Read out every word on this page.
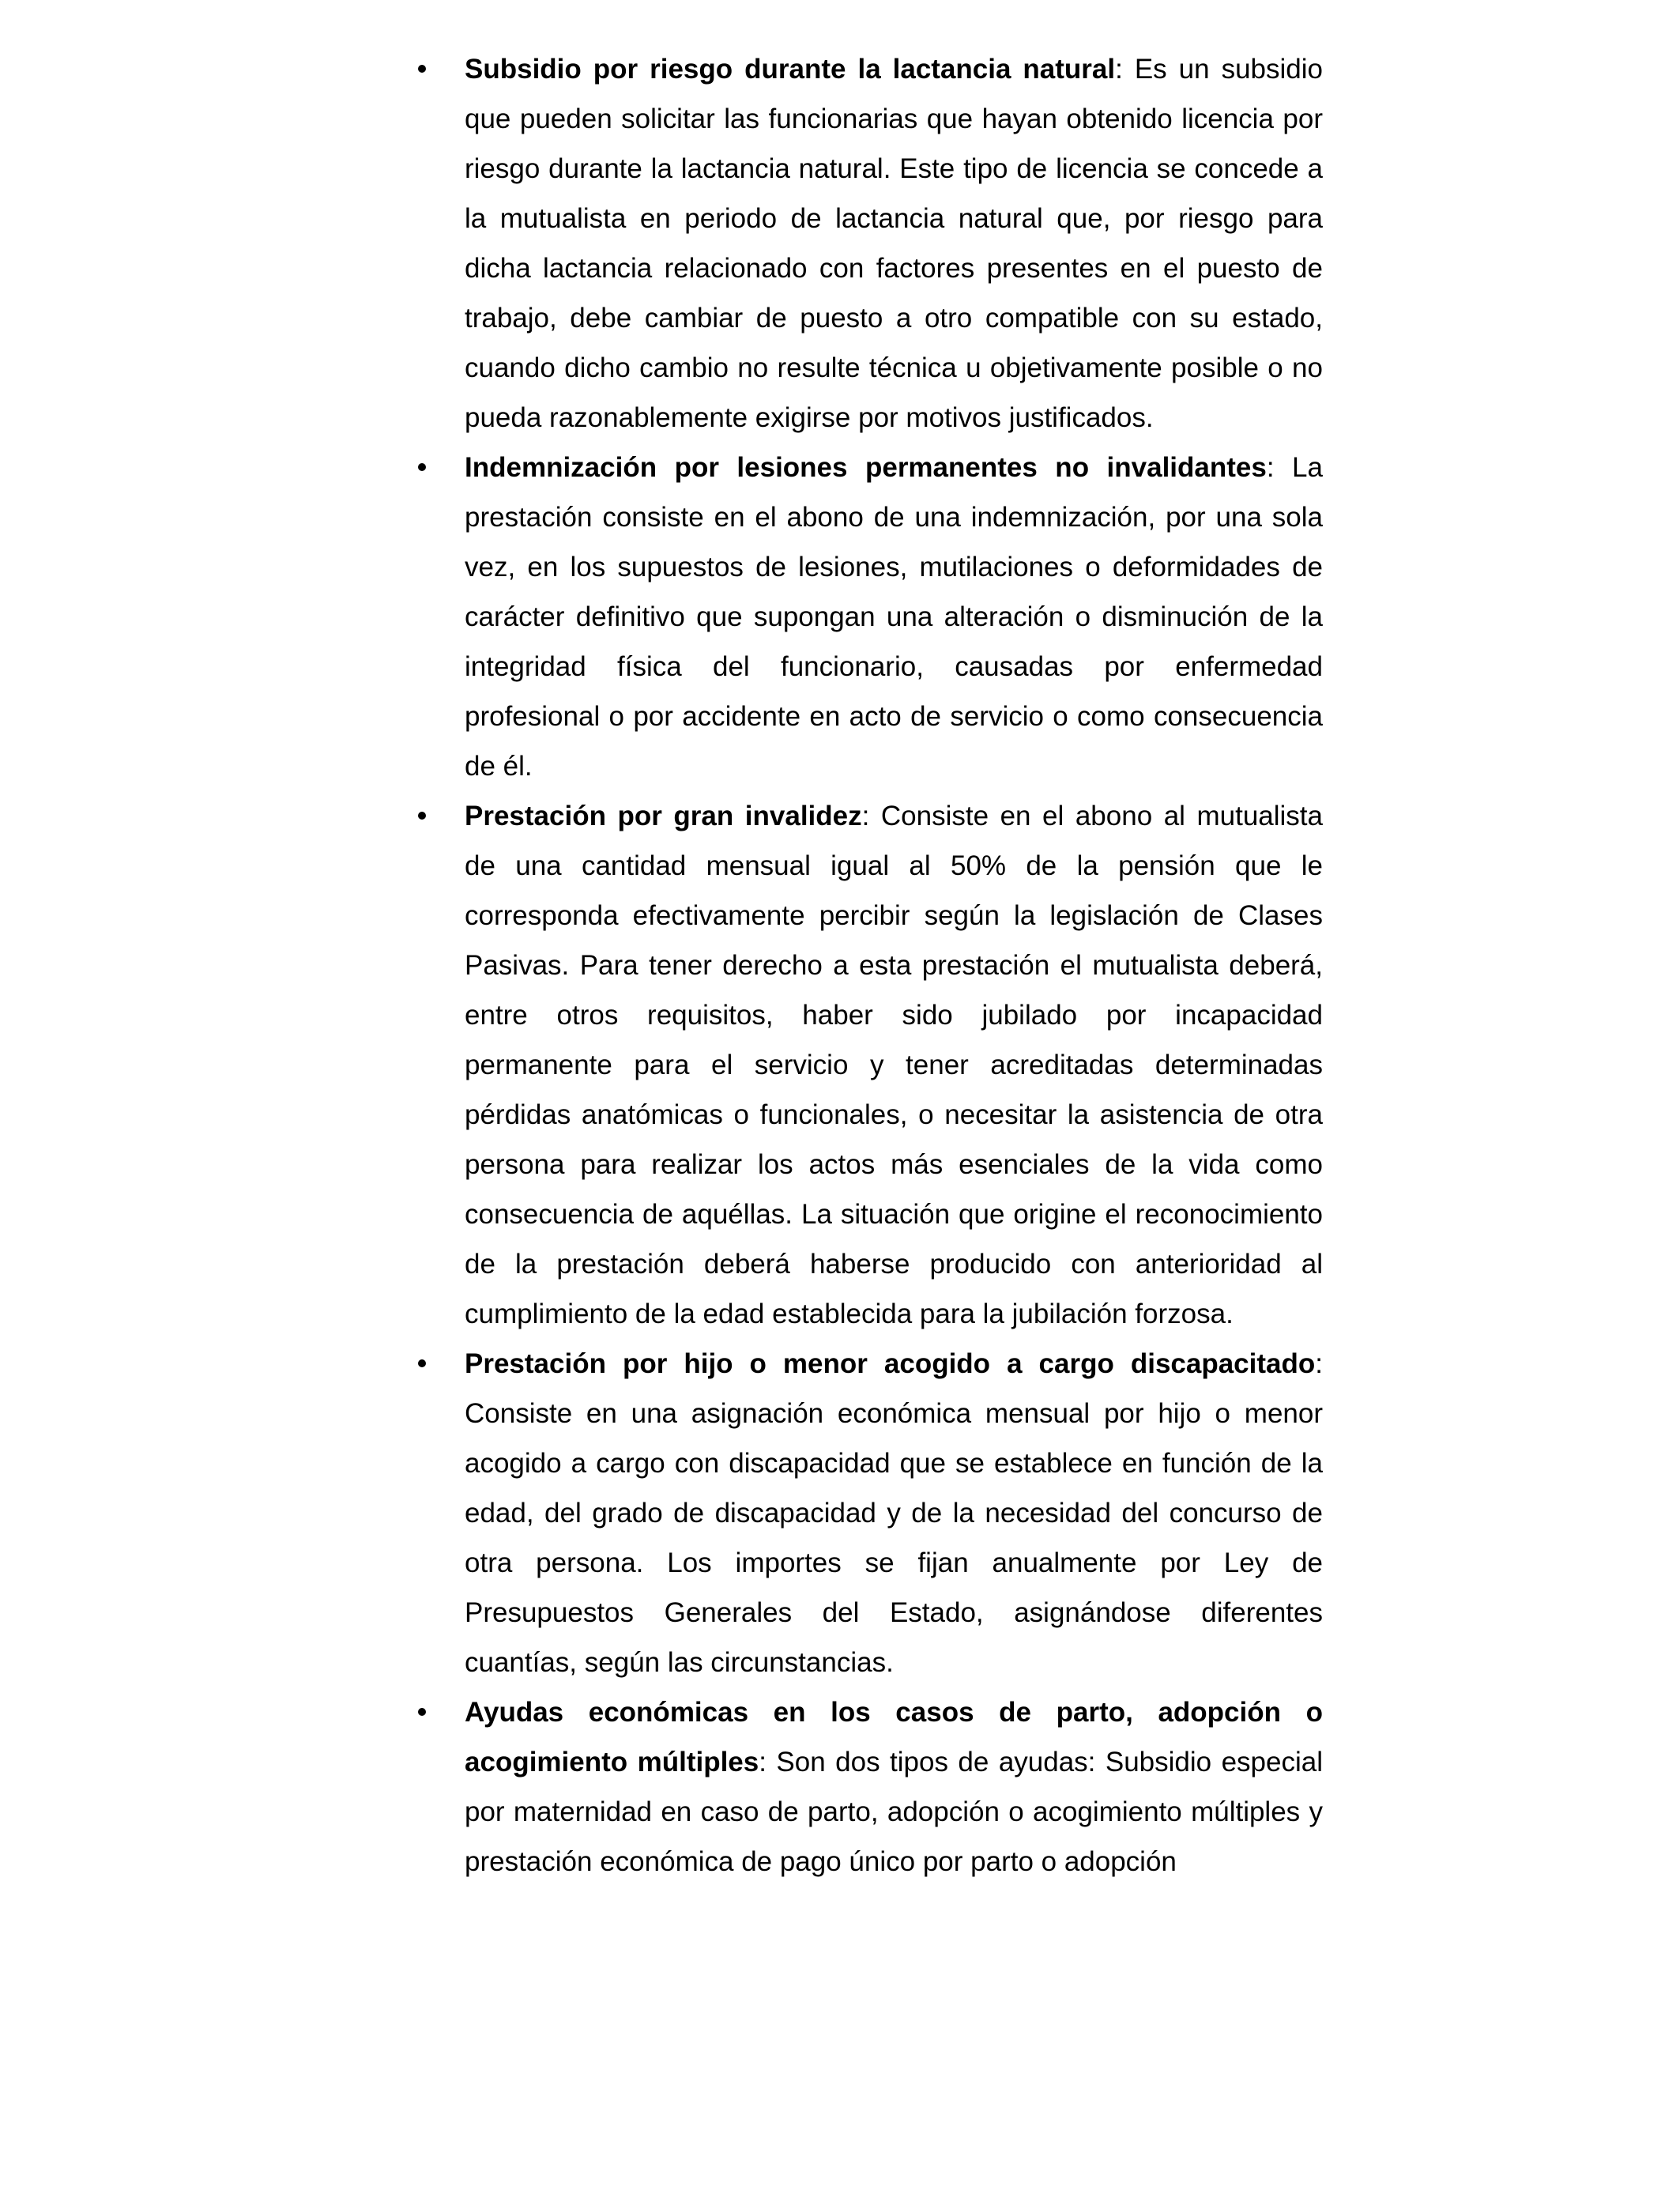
Subsidio por riesgo durante la lactancia natural: Es un subsidio que pueden solicitar las funcionarias que hayan obtenido licencia por riesgo durante la lactancia natural. Este tipo de licencia se concede a la mutualista en periodo de lactancia natural que, por riesgo para dicha lactancia relacionado con factores presentes en el puesto de trabajo, debe cambiar de puesto a otro compatible con su estado, cuando dicho cambio no resulte técnica u objetivamente posible o no pueda razonablemente exigirse por motivos justificados.
Indemnización por lesiones permanentes no invalidantes: La prestación consiste en el abono de una indemnización, por una sola vez, en los supuestos de lesiones, mutilaciones o deformidades de carácter definitivo que supongan una alteración o disminución de la integridad física del funcionario, causadas por enfermedad profesional o por accidente en acto de servicio o como consecuencia de él.
Prestación por gran invalidez: Consiste en el abono al mutualista de una cantidad mensual igual al 50% de la pensión que le corresponda efectivamente percibir según la legislación de Clases Pasivas. Para tener derecho a esta prestación el mutualista deberá, entre otros requisitos, haber sido jubilado por incapacidad permanente para el servicio y tener acreditadas determinadas pérdidas anatómicas o funcionales, o necesitar la asistencia de otra persona para realizar los actos más esenciales de la vida como consecuencia de aquéllas. La situación que origine el reconocimiento de la prestación deberá haberse producido con anterioridad al cumplimiento de la edad establecida para la jubilación forzosa.
Prestación por hijo o menor acogido a cargo discapacitado: Consiste en una asignación económica mensual por hijo o menor acogido a cargo con discapacidad que se establece en función de la edad, del grado de discapacidad y de la necesidad del concurso de otra persona. Los importes se fijan anualmente por Ley de Presupuestos Generales del Estado, asignándose diferentes cuantías, según las circunstancias.
Ayudas económicas en los casos de parto, adopción o acogimiento múltiples: Son dos tipos de ayudas: Subsidio especial por maternidad en caso de parto, adopción o acogimiento múltiples y prestación económica de pago único por parto o adopción
